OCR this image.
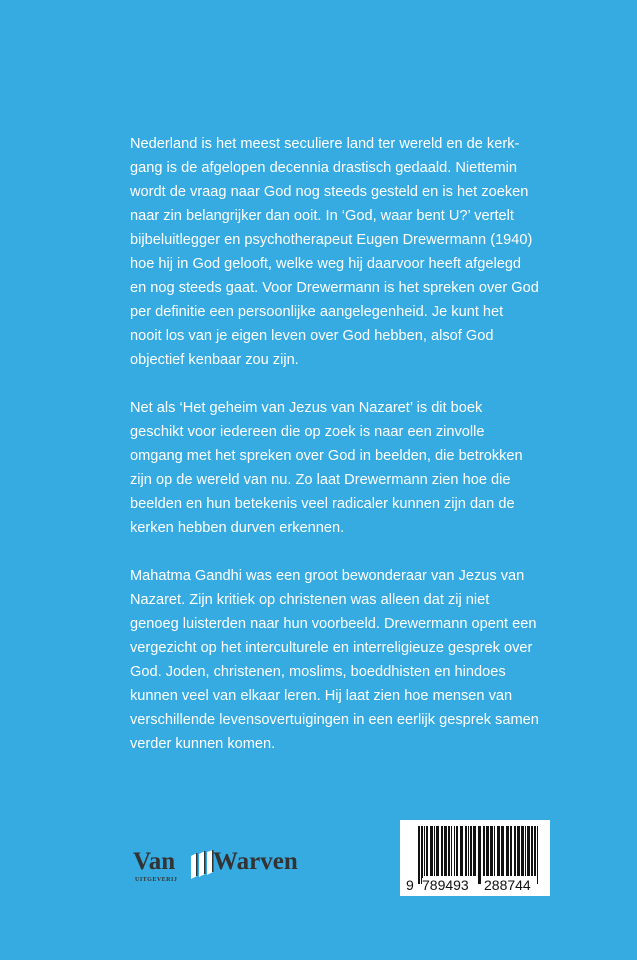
Nederland is het meest seculiere land ter wereld en de kerk-
gang is de afgelopen decennia drastisch gedaald. Niettemin
wordt de vraag naar God nog steeds gesteld en is het zoeken
naar zin belangrijker dan ooit. In ‘God, waar bent U?’ vertelt
bijbeluitlegger en psychotherapeut Eugen Drewermann (1940)
hoe hij in God gelooft, welke weg hij daarvoor heeft afgelegd
en nog steeds gaat. Voor Drewermann is het spreken over God
per definitie een persoonlijke aangelegenheid. Je kunt het
nooit los van je eigen leven over God hebben, alsof God
objectief kenbaar zou zijn.
Net als ‘Het geheim van Jezus van Nazaret’ is dit boek
geschikt voor iedereen die op zoek is naar een zinvolle
omgang met het spreken over God in beelden, die betrokken
zijn op de wereld van nu. Zo laat Drewermann zien hoe die
beelden en hun betekenis veel radicaler kunnen zijn dan de
kerken hebben durven erkennen.
Mahatma Gandhi was een groot bewonderaar van Jezus van
Nazaret. Zijn kritiek op christenen was alleen dat zij niet
genoeg luisterden naar hun voorbeeld. Drewermann opent een
vergezicht op het interculturele en interreligieuze gesprek over
God. Joden, christenen, moslims, boeddhisten en hindoes
kunnen veel van elkaar leren. Hij laat zien hoe mensen van
verschillende levensovertuigingen in een eerlijk gesprek samen
verder kunnen komen.
Van Warven
UITGEVERIJ	9 789493 288744
